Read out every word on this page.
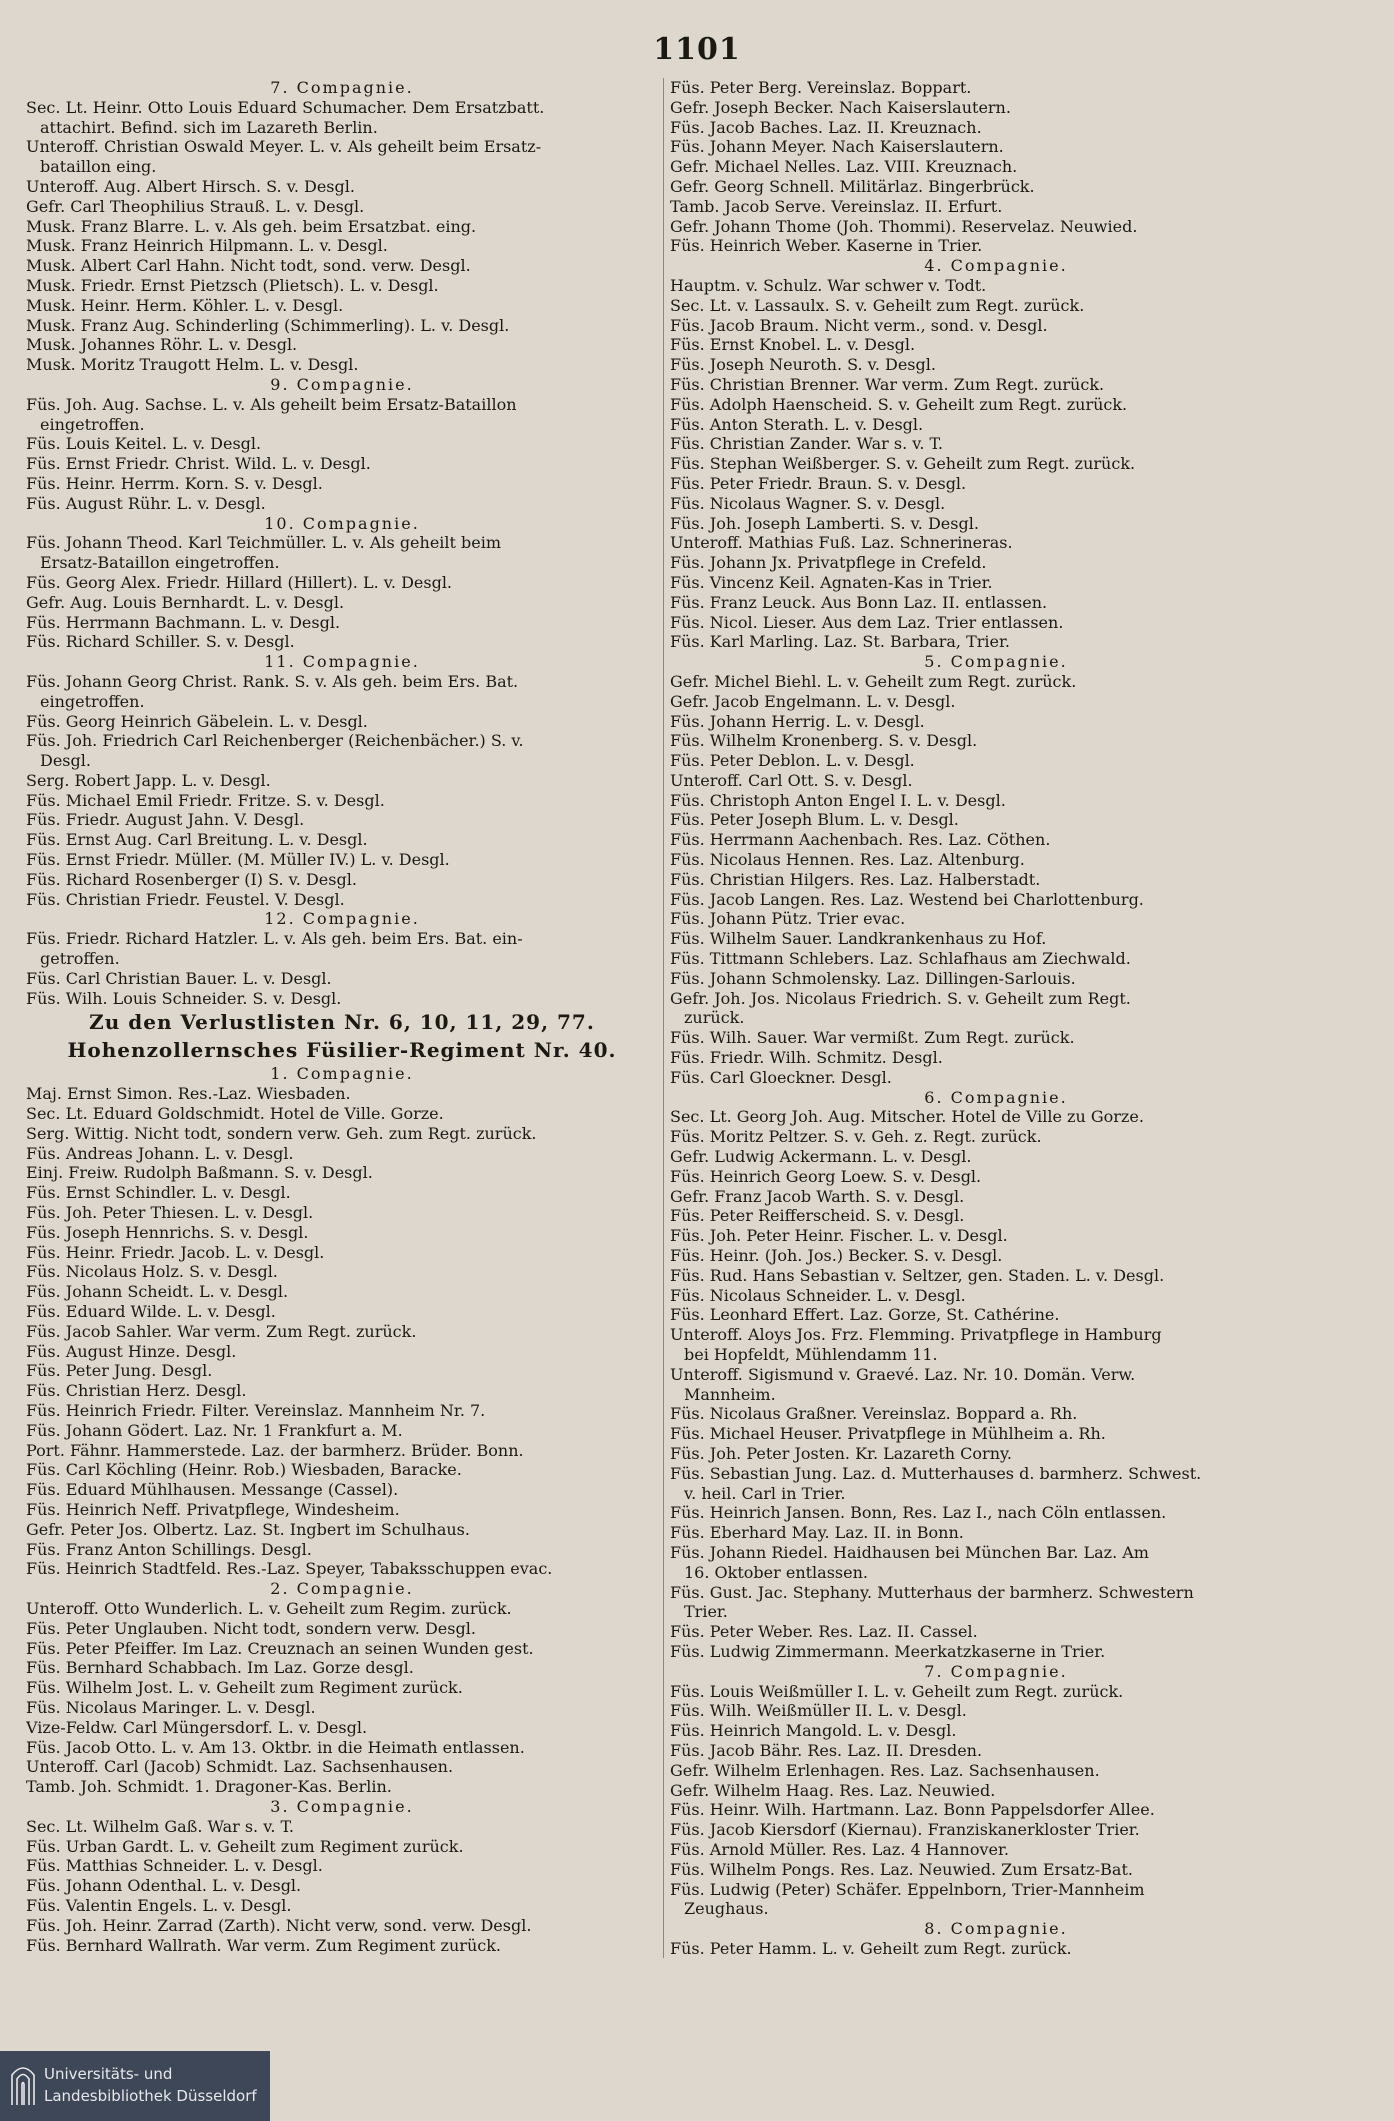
1101
7. Compagnie.
Sec. Lt. Heinr. Otto Louis Eduard Schumacher. Dem Ersatzbatt.
attachirt. Befind. sich im Lazareth Berlin.
Unteroff. Christian Oswald Meyer. L. v. Als geheilt beim Ersatz-
bataillon eing.
Unteroff. Aug. Albert Hirsch. S. v. Desgl.
Gefr. Carl Theophilius Strauß. L. v. Desgl.
Musk. Franz Blarre. L. v. Als geh. beim Ersatzbat. eing.
Musk. Franz Heinrich Hilpmann. L. v. Desgl.
Musk. Albert Carl Hahn. Nicht todt, sond. verw. Desgl.
Musk. Friedr. Ernst Pietzsch (Plietsch). L. v. Desgl.
Musk. Heinr. Herm. Köhler. L. v. Desgl.
Musk. Franz Aug. Schinderling (Schimmerling). L. v. Desgl.
Musk. Johannes Röhr. L. v. Desgl.
Musk. Moritz Traugott Helm. L. v. Desgl.
9. Compagnie.
Füs. Joh. Aug. Sachse. L. v. Als geheilt beim Ersatz-Bataillon
eingetroffen.
Füs. Louis Keitel. L. v. Desgl.
Füs. Ernst Friedr. Christ. Wild. L. v. Desgl.
Füs. Heinr. Herrm. Korn. S. v. Desgl.
Füs. August Rühr. L. v. Desgl.
10. Compagnie.
Füs. Johann Theod. Karl Teichmüller. L. v. Als geheilt beim
Ersatz-Bataillon eingetroffen.
Füs. Georg Alex. Friedr. Hillard (Hillert). L. v. Desgl.
Gefr. Aug. Louis Bernhardt. L. v. Desgl.
Füs. Herrmann Bachmann. L. v. Desgl.
Füs. Richard Schiller. S. v. Desgl.
11. Compagnie.
Füs. Johann Georg Christ. Rank. S. v. Als geh. beim Ers. Bat.
eingetroffen.
Füs. Georg Heinrich Gäbelein. L. v. Desgl.
Füs. Joh. Friedrich Carl Reichenberger (Reichenbächer.) S. v.
Desgl.
Serg. Robert Japp. L. v. Desgl.
Füs. Michael Emil Friedr. Fritze. S. v. Desgl.
Füs. Friedr. August Jahn. V. Desgl.
Füs. Ernst Aug. Carl Breitung. L. v. Desgl.
Füs. Ernst Friedr. Müller. (M. Müller IV.) L. v. Desgl.
Füs. Richard Rosenberger (I) S. v. Desgl.
Füs. Christian Friedr. Feustel. V. Desgl.
12. Compagnie.
Füs. Friedr. Richard Hatzler. L. v. Als geh. beim Ers. Bat. ein-
getroffen.
Füs. Carl Christian Bauer. L. v. Desgl.
Füs. Wilh. Louis Schneider. S. v. Desgl.
Zu den Verlustlisten Nr. 6, 10, 11, 29, 77.
Hohenzollernsches Füsilier-Regiment Nr. 40.
1. Compagnie.
Maj. Ernst Simon. Res.-Laz. Wiesbaden.
Sec. Lt. Eduard Goldschmidt. Hotel de Ville. Gorze.
Serg. Wittig. Nicht todt, sondern verw. Geh. zum Regt. zurück.
Füs. Andreas Johann. L. v. Desgl.
Einj. Freiw. Rudolph Baßmann. S. v. Desgl.
Füs. Ernst Schindler. L. v. Desgl.
Füs. Joh. Peter Thiesen. L. v. Desgl.
Füs. Joseph Hennrichs. S. v. Desgl.
Füs. Heinr. Friedr. Jacob. L. v. Desgl.
Füs. Nicolaus Holz. S. v. Desgl.
Füs. Johann Scheidt. L. v. Desgl.
Füs. Eduard Wilde. L. v. Desgl.
Füs. Jacob Sahler. War verm. Zum Regt. zurück.
Füs. August Hinze. Desgl.
Füs. Peter Jung. Desgl.
Füs. Christian Herz. Desgl.
Füs. Heinrich Friedr. Filter. Vereinslaz. Mannheim Nr. 7.
Füs. Johann Gödert. Laz. Nr. 1 Frankfurt a. M.
Port. Fähnr. Hammerstede. Laz. der barmherz. Brüder. Bonn.
Füs. Carl Köchling (Heinr. Rob.) Wiesbaden, Baracke.
Füs. Eduard Mühlhausen. Messange (Cassel).
Füs. Heinrich Neff. Privatpflege, Windesheim.
Gefr. Peter Jos. Olbertz. Laz. St. Ingbert im Schulhaus.
Füs. Franz Anton Schillings. Desgl.
Füs. Heinrich Stadtfeld. Res.-Laz. Speyer, Tabaksschuppen evac.
2. Compagnie.
Unteroff. Otto Wunderlich. L. v. Geheilt zum Regim. zurück.
Füs. Peter Unglauben. Nicht todt, sondern verw. Desgl.
Füs. Peter Pfeiffer. Im Laz. Creuznach an seinen Wunden gest.
Füs. Bernhard Schabbach. Im Laz. Gorze desgl.
Füs. Wilhelm Jost. L. v. Geheilt zum Regiment zurück.
Füs. Nicolaus Maringer. L. v. Desgl.
Vize-Feldw. Carl Müngersdorf. L. v. Desgl.
Füs. Jacob Otto. L. v. Am 13. Oktbr. in die Heimath entlassen.
Unteroff. Carl (Jacob) Schmidt. Laz. Sachsenhausen.
Tamb. Joh. Schmidt. 1. Dragoner-Kas. Berlin.
3. Compagnie.
Sec. Lt. Wilhelm Gaß. War s. v. T.
Füs. Urban Gardt. L. v. Geheilt zum Regiment zurück.
Füs. Matthias Schneider. L. v. Desgl.
Füs. Johann Odenthal. L. v. Desgl.
Füs. Valentin Engels. L. v. Desgl.
Füs. Joh. Heinr. Zarrad (Zarth). Nicht verw, sond. verw. Desgl.
Füs. Bernhard Wallrath. War verm. Zum Regiment zurück.
Füs. Peter Berg. Vereinslaz. Boppart.
Gefr. Joseph Becker. Nach Kaiserslautern.
Füs. Jacob Baches. Laz. II. Kreuznach.
Füs. Johann Meyer. Nach Kaiserslautern.
Gefr. Michael Nelles. Laz. VIII. Kreuznach.
Gefr. Georg Schnell. Militärlaz. Bingerbrück.
Tamb. Jacob Serve. Vereinslaz. II. Erfurt.
Gefr. Johann Thome (Joh. Thommi). Reservelaz. Neuwied.
Füs. Heinrich Weber. Kaserne in Trier.
4. Compagnie.
Hauptm. v. Schulz. War schwer v. Todt.
Sec. Lt. v. Lassaulx. S. v. Geheilt zum Regt. zurück.
Füs. Jacob Braum. Nicht verm., sond. v. Desgl.
Füs. Ernst Knobel. L. v. Desgl.
Füs. Joseph Neuroth. S. v. Desgl.
Füs. Christian Brenner. War verm. Zum Regt. zurück.
Füs. Adolph Haenscheid. S. v. Geheilt zum Regt. zurück.
Füs. Anton Sterath. L. v. Desgl.
Füs. Christian Zander. War s. v. T.
Füs. Stephan Weißberger. S. v. Geheilt zum Regt. zurück.
Füs. Peter Friedr. Braun. S. v. Desgl.
Füs. Nicolaus Wagner. S. v. Desgl.
Füs. Joh. Joseph Lamberti. S. v. Desgl.
Unteroff. Mathias Fuß. Laz. Schnerineras.
Füs. Johann Jx. Privatpflege in Crefeld.
Füs. Vincenz Keil. Agnaten-Kas in Trier.
Füs. Franz Leuck. Aus Bonn Laz. II. entlassen.
Füs. Nicol. Lieser. Aus dem Laz. Trier entlassen.
Füs. Karl Marling. Laz. St. Barbara, Trier.
5. Compagnie.
Gefr. Michel Biehl. L. v. Geheilt zum Regt. zurück.
Gefr. Jacob Engelmann. L. v. Desgl.
Füs. Johann Herrig. L. v. Desgl.
Füs. Wilhelm Kronenberg. S. v. Desgl.
Füs. Peter Deblon. L. v. Desgl.
Unteroff. Carl Ott. S. v. Desgl.
Füs. Christoph Anton Engel I. L. v. Desgl.
Füs. Peter Joseph Blum. L. v. Desgl.
Füs. Herrmann Aachenbach. Res. Laz. Cöthen.
Füs. Nicolaus Hennen. Res. Laz. Altenburg.
Füs. Christian Hilgers. Res. Laz. Halberstadt.
Füs. Jacob Langen. Res. Laz. Westend bei Charlottenburg.
Füs. Johann Pütz. Trier evac.
Füs. Wilhelm Sauer. Landkrankenhaus zu Hof.
Füs. Tittmann Schlebers. Laz. Schlafhaus am Ziechwald.
Füs. Johann Schmolensky. Laz. Dillingen-Sarlouis.
Gefr. Joh. Jos. Nicolaus Friedrich. S. v. Geheilt zum Regt.
zurück.
Füs. Wilh. Sauer. War vermißt. Zum Regt. zurück.
Füs. Friedr. Wilh. Schmitz. Desgl.
Füs. Carl Gloeckner. Desgl.
6. Compagnie.
Sec. Lt. Georg Joh. Aug. Mitscher. Hotel de Ville zu Gorze.
Füs. Moritz Peltzer. S. v. Geh. z. Regt. zurück.
Gefr. Ludwig Ackermann. L. v. Desgl.
Füs. Heinrich Georg Loew. S. v. Desgl.
Gefr. Franz Jacob Warth. S. v. Desgl.
Füs. Peter Reifferscheid. S. v. Desgl.
Füs. Joh. Peter Heinr. Fischer. L. v. Desgl.
Füs. Heinr. (Joh. Jos.) Becker. S. v. Desgl.
Füs. Rud. Hans Sebastian v. Seltzer, gen. Staden. L. v. Desgl.
Füs. Nicolaus Schneider. L. v. Desgl.
Füs. Leonhard Effert. Laz. Gorze, St. Cathérine.
Unteroff. Aloys Jos. Frz. Flemming. Privatpflege in Hamburg
bei Hopfeldt, Mühlendamm 11.
Unteroff. Sigismund v. Graevé. Laz. Nr. 10. Domän. Verw.
Mannheim.
Füs. Nicolaus Graßner. Vereinslaz. Boppard a. Rh.
Füs. Michael Heuser. Privatpflege in Mühlheim a. Rh.
Füs. Joh. Peter Josten. Kr. Lazareth Corny.
Füs. Sebastian Jung. Laz. d. Mutterhauses d. barmherz. Schwest.
v. heil. Carl in Trier.
Füs. Heinrich Jansen. Bonn, Res. Laz I., nach Cöln entlassen.
Füs. Eberhard May. Laz. II. in Bonn.
Füs. Johann Riedel. Haidhausen bei München Bar. Laz. Am
16. Oktober entlassen.
Füs. Gust. Jac. Stephany. Mutterhaus der barmherz. Schwestern
Trier.
Füs. Peter Weber. Res. Laz. II. Cassel.
Füs. Ludwig Zimmermann. Meerkatzkaserne in Trier.
7. Compagnie.
Füs. Louis Weißmüller I. L. v. Geheilt zum Regt. zurück.
Füs. Wilh. Weißmüller II. L. v. Desgl.
Füs. Heinrich Mangold. L. v. Desgl.
Füs. Jacob Bähr. Res. Laz. II. Dresden.
Gefr. Wilhelm Erlenhagen. Res. Laz. Sachsenhausen.
Gefr. Wilhelm Haag. Res. Laz. Neuwied.
Füs. Heinr. Wilh. Hartmann. Laz. Bonn Pappelsdorfer Allee.
Füs. Jacob Kiersdorf (Kiernau). Franziskanerkloster Trier.
Füs. Arnold Müller. Res. Laz. 4 Hannover.
Füs. Wilhelm Pongs. Res. Laz. Neuwied. Zum Ersatz-Bat.
Füs. Ludwig (Peter) Schäfer. Eppelnborn, Trier-Mannheim
Zeughaus.
8. Compagnie.
Füs. Peter Hamm. L. v. Geheilt zum Regt. zurück.
Universitäts- und
Landesbibliothek Düsseldorf
